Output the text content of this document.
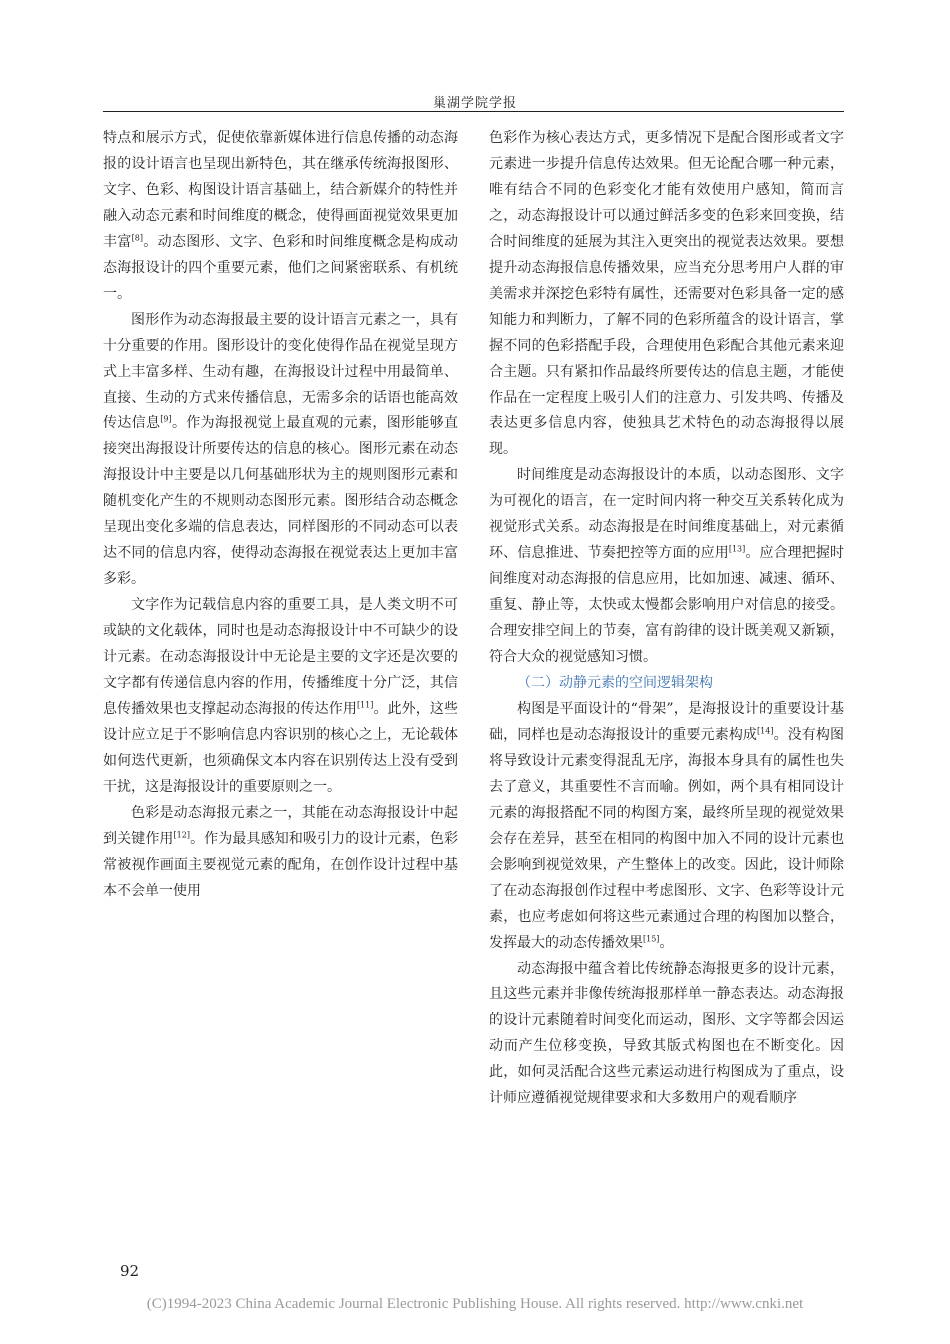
巢湖学院学报

特点和展示方式，促使依靠新媒体进行信息传播的动态海报的设计语言也呈现出新特色，其在继承传统海报图形、文字、色彩、构图设计语言基础上，结合新媒介的特性并融入动态元素和时间维度的概念，使得画面视觉效果更加丰富[8]。动态图形、文字、色彩和时间维度概念是构成动态海报设计的四个重要元素，他们之间紧密联系、有机统一。

图形作为动态海报最主要的设计语言元素之一，具有十分重要的作用。图形设计的变化使得作品在视觉呈现方式上丰富多样、生动有趣，在海报设计过程中用最简单、直接、生动的方式来传播信息，无需多余的话语也能高效传达信息[9]。作为海报视觉上最直观的元素，图形能够直接突出海报设计所要传达的信息的核心。图形元素在动态海报设计中主要是以几何基础形状为主的规则图形元素和随机变化产生的不规则动态图形元素。图形结合动态概念呈现出变化多端的信息表达，同样图形的不同动态可以表达不同的信息内容，使得动态海报在视觉表达上更加丰富多彩。

文字作为记载信息内容的重要工具，是人类文明不可或缺的文化载体，同时也是动态海报设计中不可缺少的设计元素。在动态海报设计中无论是主要的文字还是次要的文字都有传递信息内容的作用，传播维度十分广泛，其信息传播效果也支撑起动态海报的传达作用[11]。此外，这些设计应立足于不影响信息内容识别的核心之上，无论载体如何迭代更新，也须确保文本内容在识别传达上没有受到干扰，这是海报设计的重要原则之一。

色彩是动态海报元素之一，其能在动态海报设计中起到关键作用[12]。作为最具感知和吸引力的设计元素，色彩常被视作画面主要视觉元素的配角，在创作设计过程中基本不会单一使用

色彩作为核心表达方式，更多情况下是配合图形或者文字元素进一步提升信息传达效果。但无论配合哪一种元素，唯有结合不同的色彩变化才能有效使用户感知，简而言之，动态海报设计可以通过鲜活多变的色彩来回变换，结合时间维度的延展为其注入更突出的视觉表达效果。要想提升动态海报信息传播效果，应当充分思考用户人群的审美需求并深挖色彩特有属性，还需要对色彩具备一定的感知能力和判断力，了解不同的色彩所蕴含的设计语言，掌握不同的色彩搭配手段，合理使用色彩配合其他元素来迎合主题。只有紧扣作品最终所要传达的信息主题，才能使作品在一定程度上吸引人们的注意力、引发共鸣、传播及表达更多信息内容，使独具艺术特色的动态海报得以展现。

时间维度是动态海报设计的本质，以动态图形、文字为可视化的语言，在一定时间内将一种交互关系转化成为视觉形式关系。动态海报是在时间维度基础上，对元素循环、信息推进、节奏把控等方面的应用[13]。应合理把握时间维度对动态海报的信息应用，比如加速、减速、循环、重复、静止等，太快或太慢都会影响用户对信息的接受。合理安排空间上的节奏，富有韵律的设计既美观又新颖，符合大众的视觉感知习惯。

（二）动静元素的空间逻辑架构

构图是平面设计的“骨架”，是海报设计的重要设计基础，同样也是动态海报设计的重要元素构成[14]。没有构图将导致设计元素变得混乱无序，海报本身具有的属性也失去了意义，其重要性不言而喻。例如，两个具有相同设计元素的海报搭配不同的构图方案，最终所呈现的视觉效果会存在差异，甚至在相同的构图中加入不同的设计元素也会影响到视觉效果，产生整体上的改变。因此，设计师除了在动态海报创作过程中考虑图形、文字、色彩等设计元素，也应考虑如何将这些元素通过合理的构图加以整合，发挥最大的动态传播效果[15]。

动态海报中蕴含着比传统静态海报更多的设计元素，且这些元素并非像传统海报那样单一静态表达。动态海报的设计元素随着时间变化而运动，图形、文字等都会因运动而产生位移变换，导致其版式构图也在不断变化。因此，如何灵活配合这些元素运动进行构图成为了重点，设计师应遵循视觉规律要求和大多数用户的观看顺序

92
(C)1994-2023 China Academic Journal Electronic Publishing House. All rights reserved. http://www.cnki.net
